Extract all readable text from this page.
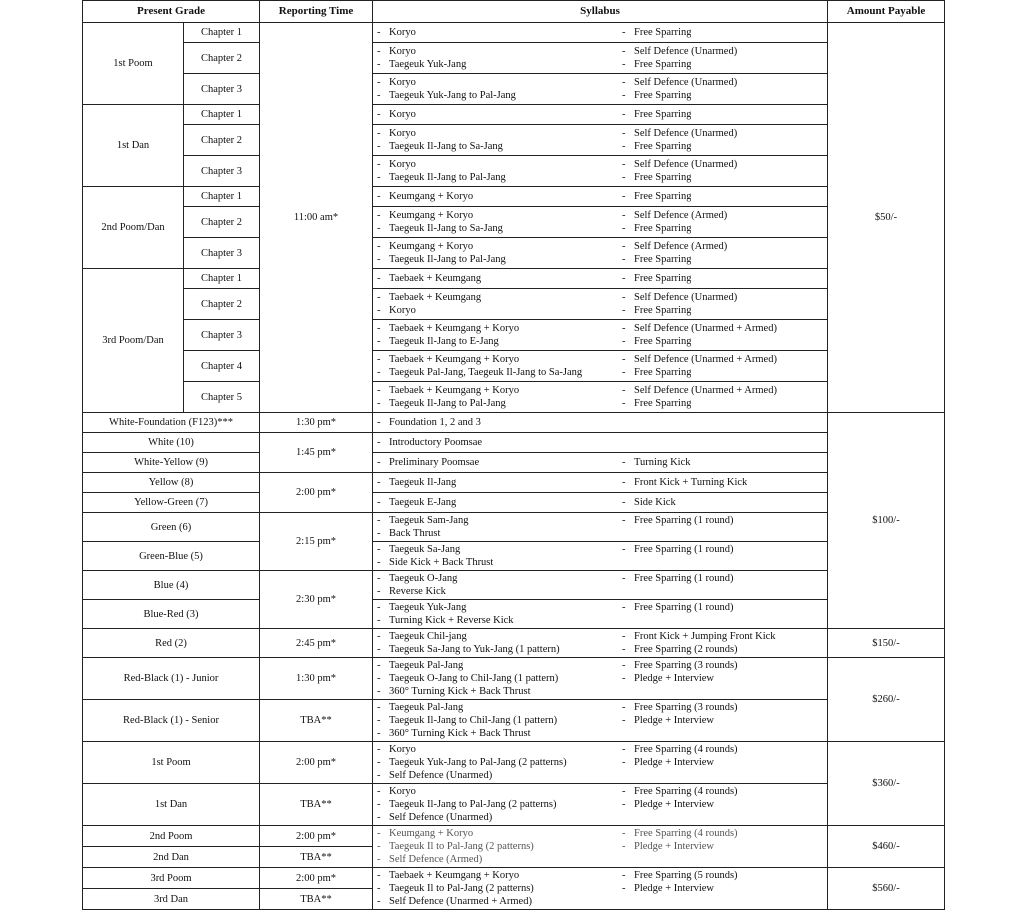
Present Grade		Reporting Time	Syllabus	Amount Payable
1st Poom	Chapter 1	11:00 am*	- Koryo - Free Sparring	$50/-
	Chapter 2		- Koryo - Self Defence (Unarmed)
- Taegeuk Yuk-Jang - Free Sparring	

	Chapter 3		- Koryo - Self Defence (Unarmed)
- Taegeuk Yuk-Jang to Pal-Jang - Free Sparring	

1st Dan	Chapter 1		- Koryo - Free Sparring	

	Chapter 2		- Koryo - Self Defence (Unarmed)
- Taegeuk Il-Jang to Sa-Jang - Free Sparring	

	Chapter 3		- Koryo - Self Defence (Unarmed)
- Taegeuk Il-Jang to Pal-Jang - Free Sparring	

2nd Poom/Dan	Chapter 1		- Keumgang + Koryo - Free Sparring	

	Chapter 2		- Keumgang + Koryo - Self Defence (Armed)
- Taegeuk Il-Jang to Sa-Jang - Free Sparring	

	Chapter 3		- Keumgang + Koryo - Self Defence (Armed)
- Taegeuk Il-Jang to Pal-Jang - Free Sparring	

3rd Poom/Dan	Chapter 1		- Taebaek + Keumgang - Free Sparring	

	Chapter 2		- Taebaek + Keumgang - Self Defence (Unarmed)
- Koryo - Free Sparring	

	Chapter 3		- Taebaek + Keumgang + Koryo - Self Defence (Unarmed + Armed)
- Taegeuk Il-Jang to E-Jang - Free Sparring	

	Chapter 4		- Taebaek + Keumgang + Koryo - Self Defence (Unarmed + Armed)
- Taegeuk Pal-Jang, Taegeuk Il-Jang to Sa-Jang - Free Sparring	

	Chapter 5		- Taebaek + Keumgang + Koryo - Self Defence (Unarmed + Armed)
- Taegeuk Il-Jang to Pal-Jang - Free Sparring	

White-Foundation (F123)***		1:30 pm*	- Foundation 1, 2 and 3	$100/-
White (10)		1:45 pm*	- Introductory Poomsae	

White-Yellow (9)			- Preliminary Poomsae - Turning Kick	

Yellow (8)		2:00 pm*	- Taegeuk Il-Jang - Front Kick + Turning Kick	

Yellow-Green (7)			- Taegeuk E-Jang - Side Kick	

Green (6)		2:15 pm*	- Taegeuk Sam-Jang - Free Sparring (1 round)
- Back Thrust	

Green-Blue (5)			- Taegeuk Sa-Jang - Free Sparring (1 round)
- Side Kick + Back Thrust	

Blue (4)		2:30 pm*	- Taegeuk O-Jang - Free Sparring (1 round)
- Reverse Kick	

Blue-Red (3)			- Taegeuk Yuk-Jang - Free Sparring (1 round)
- Turning Kick + Reverse Kick	

Red (2)		2:45 pm*	- Taegeuk Chil-jang - Front Kick + Jumping Front Kick
- Taegeuk Sa-Jang to Yuk-Jang (1 pattern) - Free Sparring (2 rounds)	$150/-
Red-Black (1) - Junior		1:30 pm*	- Taegeuk Pal-Jang - Free Sparring (3 rounds)
- Taegeuk O-Jang to Chil-Jang (1 pattern) - Pledge + Interview
- 360° Turning Kick + Back Thrust	$260/-
Red-Black (1) - Senior		TBA**	- Taegeuk Pal-Jang - Free Sparring (3 rounds)
- Taegeuk Il-Jang to Chil-Jang (1 pattern) - Pledge + Interview
- 360° Turning Kick + Back Thrust	

1st Poom		2:00 pm*	- Koryo - Free Sparring (4 rounds)
- Taegeuk Yuk-Jang to Pal-Jang (2 patterns) - Pledge + Interview
- Self Defence (Unarmed)	$360/-
1st Dan		TBA**	- Koryo - Free Sparring (4 rounds)
- Taegeuk Il-Jang to Pal-Jang (2 patterns) - Pledge + Interview
- Self Defence (Unarmed)	

2nd Poom		2:00 pm*	- Keumgang + Koryo - Free Sparring (4 rounds)
- Taegeuk Il to Pal-Jang (2 patterns) - Pledge + Interview
- Self Defence (Armed)	$460/-
2nd Dan		TBA**		
3rd Poom		2:00 pm*	- Taebaek + Keumgang + Koryo - Free Sparring (5 rounds)
- Taegeuk Il to Pal-Jang (2 patterns) - Pledge + Interview
- Self Defence (Unarmed + Armed)	$560/-
3rd Dan		TBA**		
